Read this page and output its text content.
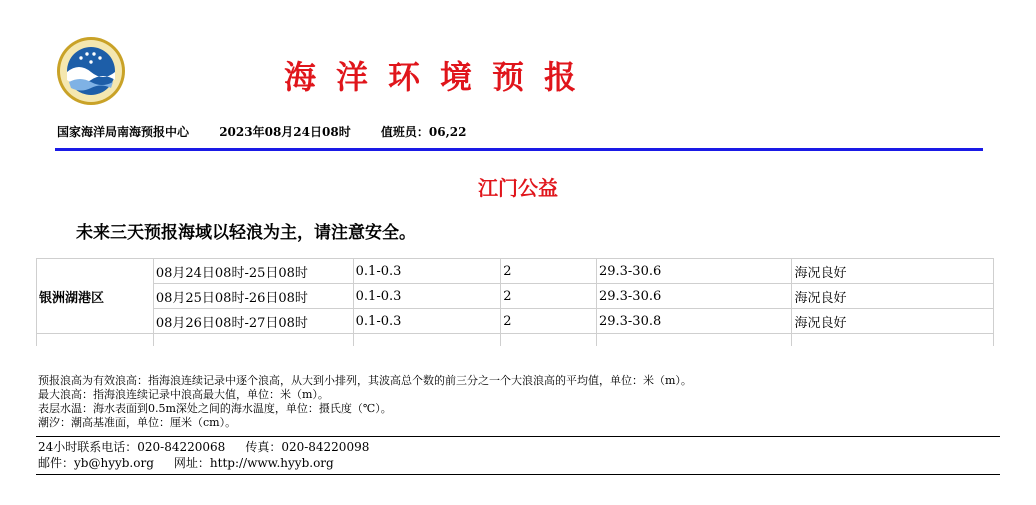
海洋环境预报
国家海洋局南海预报中心	2023年08月24日08时	值班员：06,22
江门公益
未来三天预报海域以轻浪为主，请注意安全。
银洲湖港区	08月24日08时-25日08时	0.1-0.3	2	29.3-30.6	海况良好
	08月25日08时-26日08时	0.1-0.3	2	29.3-30.6	海况良好
	08月26日08时-27日08时	0.1-0.3	2	29.3-30.8	海况良好

预报浪高为有效浪高：指海浪连续记录中逐个浪高，从大到小排列，其波高总个数的前三分之一个大浪浪高的平均值，单位：米（m）。
最大浪高：指海浪连续记录中浪高最大值，单位：米（m）。
表层水温：海水表面到0.5m深处之间的海水温度，单位：摄氏度（℃）。
潮汐：潮高基准面，单位：厘米（cm）。
24小时联系电话：020-84220068 传真：020-84220098
邮件：yb@hyyb.org 网址：http://www.hyyb.org
